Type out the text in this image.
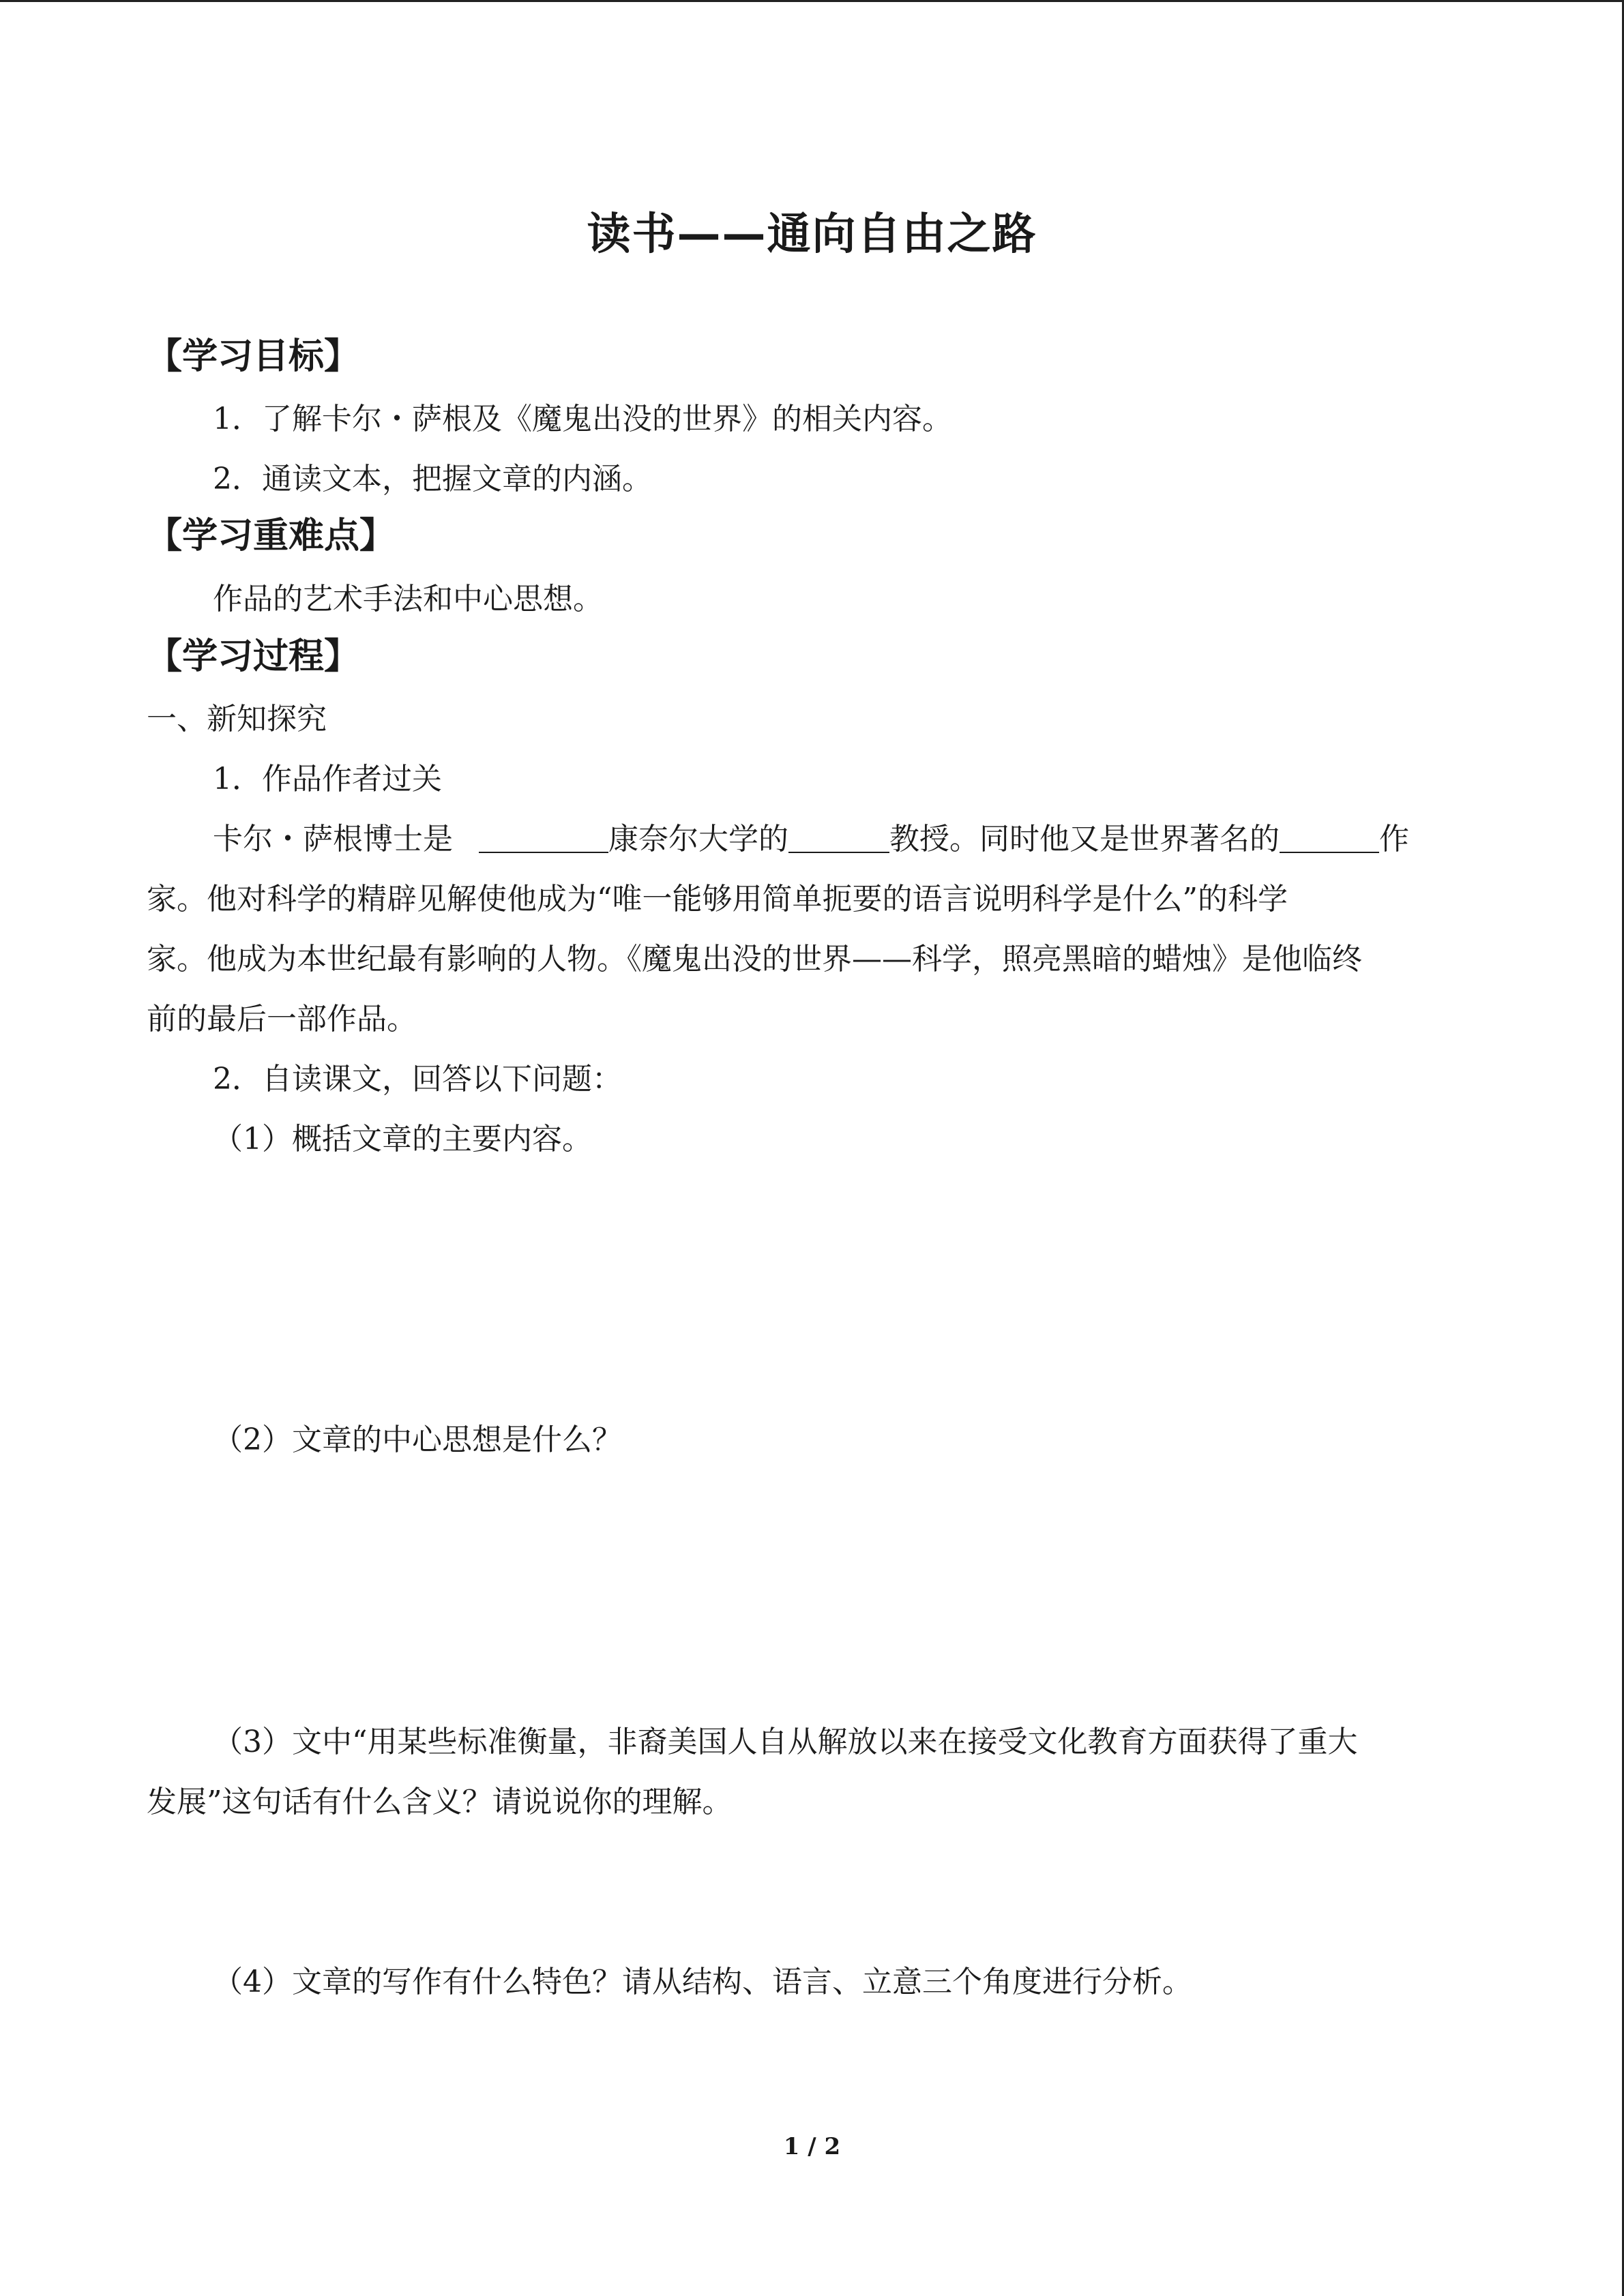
读书——通向自由之路
【学习目标】
1．了解卡尔・萨根及《魔鬼出没的世界》的相关内容。
2．通读文本，把握文章的内涵。
【学习重难点】
作品的艺术手法和中心思想。
【学习过程】
一、新知探究
1．作品作者过关
卡尔・萨根博士是	康奈尔大学的	教授。同时他又是世界著名的	作
家。他对科学的精辟见解使他成为“唯一能够用简单扼要的语言说明科学是什么”的科学
家。他成为本世纪最有影响的人物。《魔鬼出没的世界——科学，照亮黑暗的蜡烛》是他临终
前的最后一部作品。
2．自读课文，回答以下问题：
（1）概括文章的主要内容。
（2）文章的中心思想是什么？
（3）文中“用某些标准衡量，非裔美国人自从解放以来在接受文化教育方面获得了重大
发展”这句话有什么含义？请说说你的理解。
（4）文章的写作有什么特色？请从结构、语言、立意三个角度进行分析。
1 / 2
